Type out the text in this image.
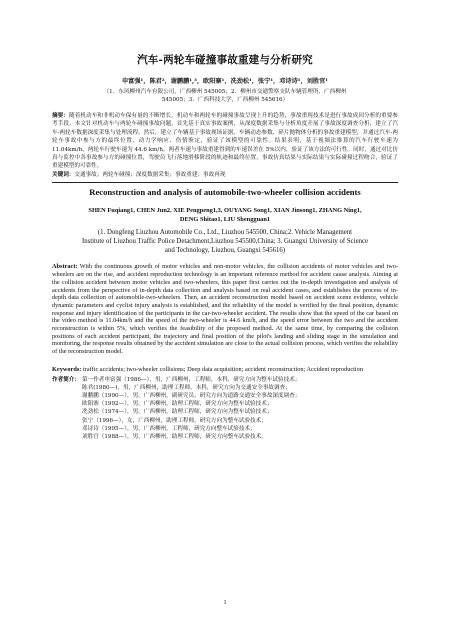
汽车-两轮车碰撞事故重建与分析研究
申富强¹，陈君²，谢鹏鹏¹,³，欧阳寨¹，冼劲松¹，张宁¹，邓诗诗¹，刘胜官¹
（1．东风柳州汽车有限公司，广西柳州 545005；2．柳州市交通警察支队车辆管理所，广西柳州
545005；3．广西科技大学，广西柳州 545616）

摘要：随着机动车和非机动车保有量的不断增长，机动车和两轮车的碰撞事故呈现上升的趋势，事故重现技术是进行事故成因分析的重要参考手段。本文针对机动车与两轮车碰撞事故问题，首先基于真实事故案例，从深度数据采集与分析角度开展了事故深度调查分析，建立了汽车-两轮车数据深度采集与处理流程。然后，建立了车辆基于事故现场证据、车辆动态参数、碎片抛物体分析的事故重建模型，并通过汽车-两轮车事故中参与方的最终位置、动力学响应、伤情鉴定，验证了该模型的可靠性。结果表明，基于视频法推算的汽车行驶车速为 11.04km/h，两轮车行驶车速为 44.6 km/h，两者车速与事故重建得到的车速误差在 5%以内，验证了该方法的可行性。同时，通过对比仿真与监控中各事故参与方的碰撞位置，驾驶员飞行落地滑移阶段的轨迹和最终位置，事故仿真结果与实际结果与实际碰撞过程吻合，验证了重建模型的可靠性。

关键词：交通事故；两轮车碰撞；深度数据采集；事故重建；事故再现

Reconstruction and analysis of automobile-two-wheeler collision accidents
SHEN Fuqiang1, CHEN Jun2, XIE Pengpeng1,3, OUYANG Song1, XIAN Jinsong1, ZHANG Ning1,
DENG Shitao1, LIU Shengguan1
(1. Dongfeng Liuzhou Automobile Co., Ltd., Liuzhou 545500, China;2. Vehicle Management
Institute of Liuzhou Traffic Police Detachment,Liuzhou 545500,China; 3. Guangxi University of Science
and Technology, Liuzhou, Guangxi 545616)

Abstract: With the continuous growth of motor vehicles and non-motor vehicles, the collision accidents of motor vehicles and two-wheelers are on the rise, and accident reproduction technology is an important reference method for accident cause analysis. Aiming at the collision accident between motor vehicles and two-wheelers, this paper first carries out the in-depth investigation and analysis of accidents from the perspective of in-depth data collection and analysis based on real accident cases, and establishes the process of in-depth data collection of automobile-two-wheelers. Then, an accident reconstruction model based on accident scene evidence, vehicle dynamic parameters and cyclist injury analysis is established, and the reliability of the model is verified by the final position, dynamic response and injury identification of the participants in the car-two-wheeler accident. The results show that the speed of the car based on the video method is 11.04km/h and the speed of the two-wheeler is 44.6 km/h, and the speed error between the two and the accident reconstruction is within 5%, which verifies the feasibility of the proposed method. At the same time, by comparing the collision positions of each accident participant, the trajectory and final position of the pilot's landing and sliding stage in the simulation and monitoring, the response results obtained by the accident simulation are close to the actual collision process, which verifies the reliability of the reconstruction model.

Keywords: traffic accidents; two-wheeler collisions; Deep data acquisition; accident reconstruction; Accident reproduction

作者简介： 第一作者申富强（1986—），男，广西柳州，工程师，本科，研究方向为整车试验技术；
陈君(1980—)，男，广西柳州，助理工程师，本科，研究方向为交通安全事故调查；
谢鹏鹏（1990—），男，广西柳州，副研究员，研究方向为道路交通安全事故深度调查；
欧阳寨（1992—），男，广西柳州，助理工程师，研究方向为整车试验技术；
冼劲松（1974—），男，广西柳州，助理工程师，研究方向为整车试验技术；
张宁（1996—），女，广西柳州，助理工程师，研究方向为整车试验技术；
邓诗诗（1995—），男，广西柳州，工程师，研究方向整车试验技术；
刘胜官（1988—），男，广西柳州，助理工程师，研究方向整车试验技术。
1
